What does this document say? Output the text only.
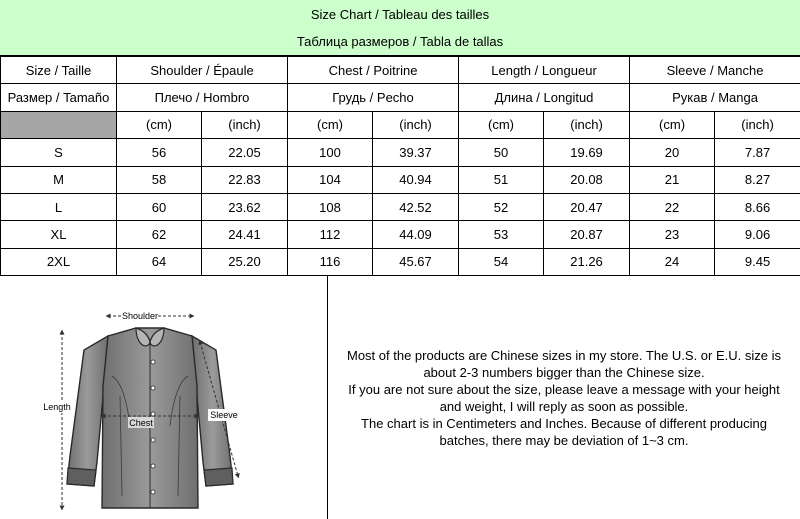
Size Chart / Tableau des tailles
Таблица размеров / Tabla de tallas
Size / Taille	Shoulder / Épaule		Chest / Poitrine		Length / Longueur		Sleeve / Manche	
Размер / Tamaño	Плечо / Hombro		Грудь / Pecho		Длина / Longitud		Рукав / Manga	
	(cm)	(inch)	(cm)	(inch)	(cm)	(inch)	(cm)	(inch)
S	56	22.05	100	39.37	50	19.69	20	7.87
M	58	22.83	104	40.94	51	20.08	21	8.27
L	60	23.62	108	42.52	52	20.47	22	8.66
XL	62	24.41	112	44.09	53	20.87	23	9.06
2XL	64	25.20	116	45.67	54	21.26	24	9.45
Shoulder
Length
Chest
Sleeve

Most of the products are Chinese sizes in my store. The U.S. or E.U. size is about 2-3 numbers bigger than the Chinese size.

If you are not sure about the size, please leave a message with your height and weight, I will reply as soon as possible.

The chart is in Centimeters and Inches. Because of different producing batches, there may be deviation of 1~3 cm.
